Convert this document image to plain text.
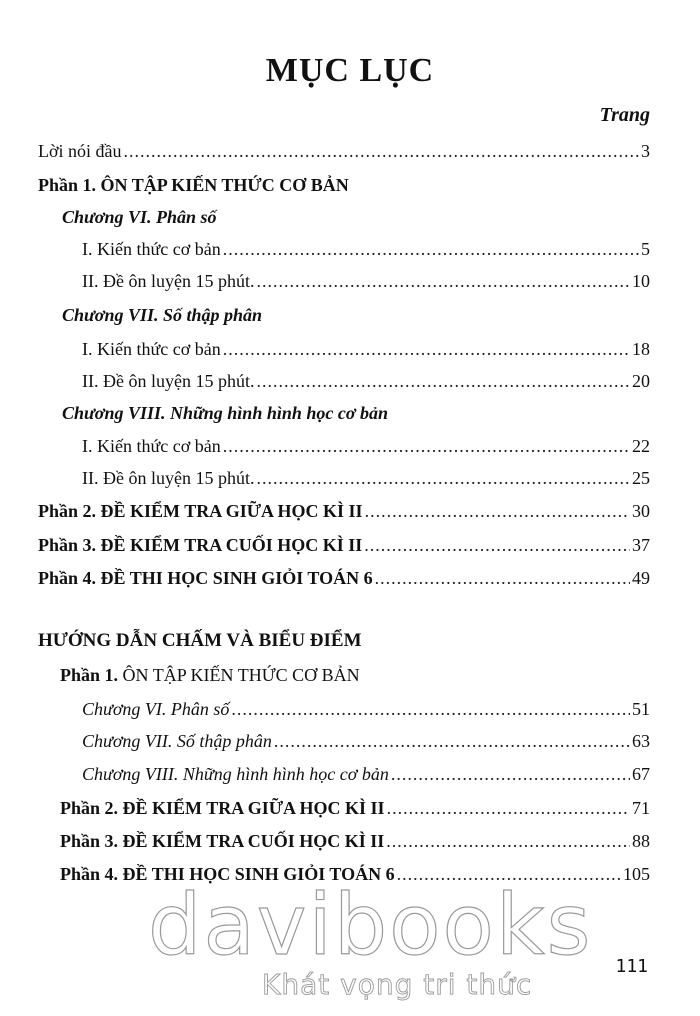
MỤC LỤC
Trang
Lời nói đầu .....	3
Phần 1. ÔN TẬP KIẾN THỨC CƠ BẢN
Chương VI. Phân số
I. Kiến thức cơ bản .....	5
II. Đề ôn luyện 15 phút. .....	10
Chương VII. Số thập phân
I. Kiến thức cơ bản .....	18
II. Đề ôn luyện 15 phút. .....	20
Chương VIII. Những hình hình học cơ bản
I. Kiến thức cơ bản .....	22
II. Đề ôn luyện 15 phút. .....	25
Phần 2. ĐỀ KIỂM TRA GIỮA HỌC KÌ II .....	30
Phần 3. ĐỀ KIỂM TRA CUỐI HỌC KÌ II .....	37
Phần 4. ĐỀ THI HỌC SINH GIỎI TOÁN 6 .....	49
HƯỚNG DẪN CHẤM VÀ BIỂU ĐIỂM
Phần 1. ÔN TẬP KIẾN THỨC CƠ BẢN
Chương VI. Phân số .....	51
Chương VII. Số thập phân .....	63
Chương VIII. Những hình hình học cơ bản .....	67
Phần 2. ĐỀ KIỂM TRA GIỮA HỌC KÌ II .....	71
Phần 3. ĐỀ KIỂM TRA CUỐI HỌC KÌ II .....	88
Phần 4. ĐỀ THI HỌC SINH GIỎI TOÁN 6 .....	105
davibooks
Khát vọng tri thức
111
